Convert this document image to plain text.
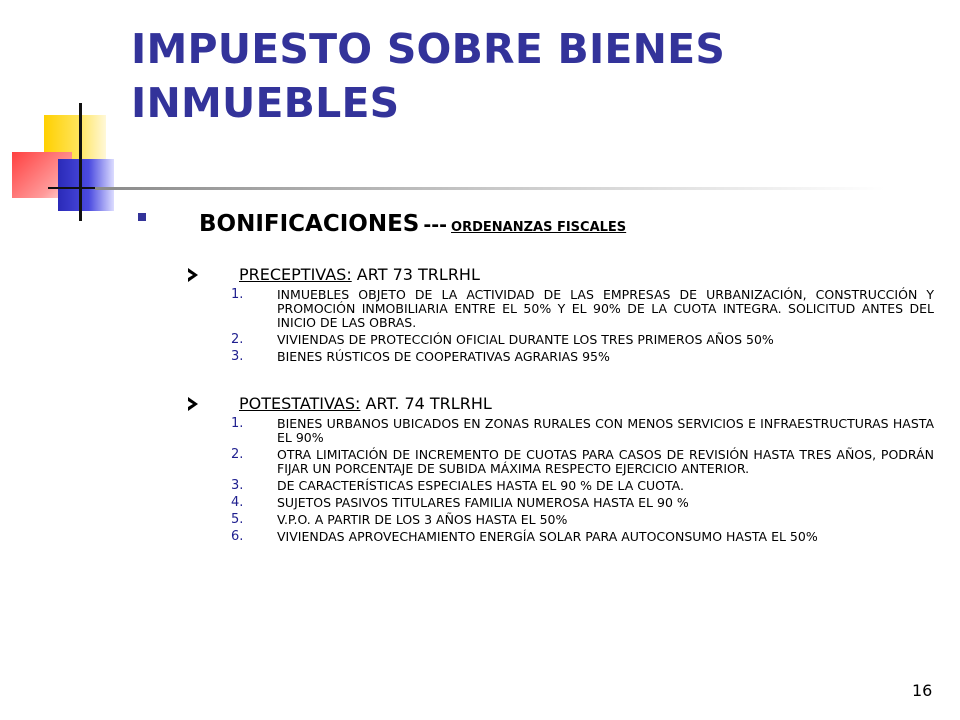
IMPUESTO SOBRE BIENES
INMUEBLES
BONIFICACIONES --- ORDENANZAS FISCALES
PRECEPTIVAS: ART 73 TRLRHL
1.	INMUEBLES OBJETO DE LA ACTIVIDAD DE LAS EMPRESAS DE URBANIZACIÓN, CONSTRUCCIÓN Y PROMOCIÓN INMOBILIARIA ENTRE EL 50% Y EL 90% DE LA CUOTA INTEGRA. SOLICITUD ANTES DEL INICIO DE LAS OBRAS.
2.	VIVIENDAS DE PROTECCIÓN OFICIAL DURANTE LOS TRES PRIMEROS AÑOS 50%
3.	BIENES RÚSTICOS DE COOPERATIVAS AGRARIAS 95%
POTESTATIVAS: ART. 74 TRLRHL
1.	BIENES URBANOS UBICADOS EN ZONAS RURALES CON MENOS SERVICIOS E INFRAESTRUCTURAS HASTA EL 90%
2.	OTRA LIMITACIÓN DE INCREMENTO DE CUOTAS PARA CASOS DE REVISIÓN HASTA TRES AÑOS, PODRÁN FIJAR UN PORCENTAJE DE SUBIDA MÁXIMA RESPECTO EJERCICIO ANTERIOR.
3.	DE CARACTERÍSTICAS ESPECIALES HASTA EL 90 % DE LA CUOTA.
4.	SUJETOS PASIVOS TITULARES FAMILIA NUMEROSA HASTA EL 90 %
5.	V.P.O. A PARTIR DE LOS 3 AÑOS HASTA EL 50%
6.	VIVIENDAS APROVECHAMIENTO ENERGÍA SOLAR PARA AUTOCONSUMO HASTA EL 50%
16
